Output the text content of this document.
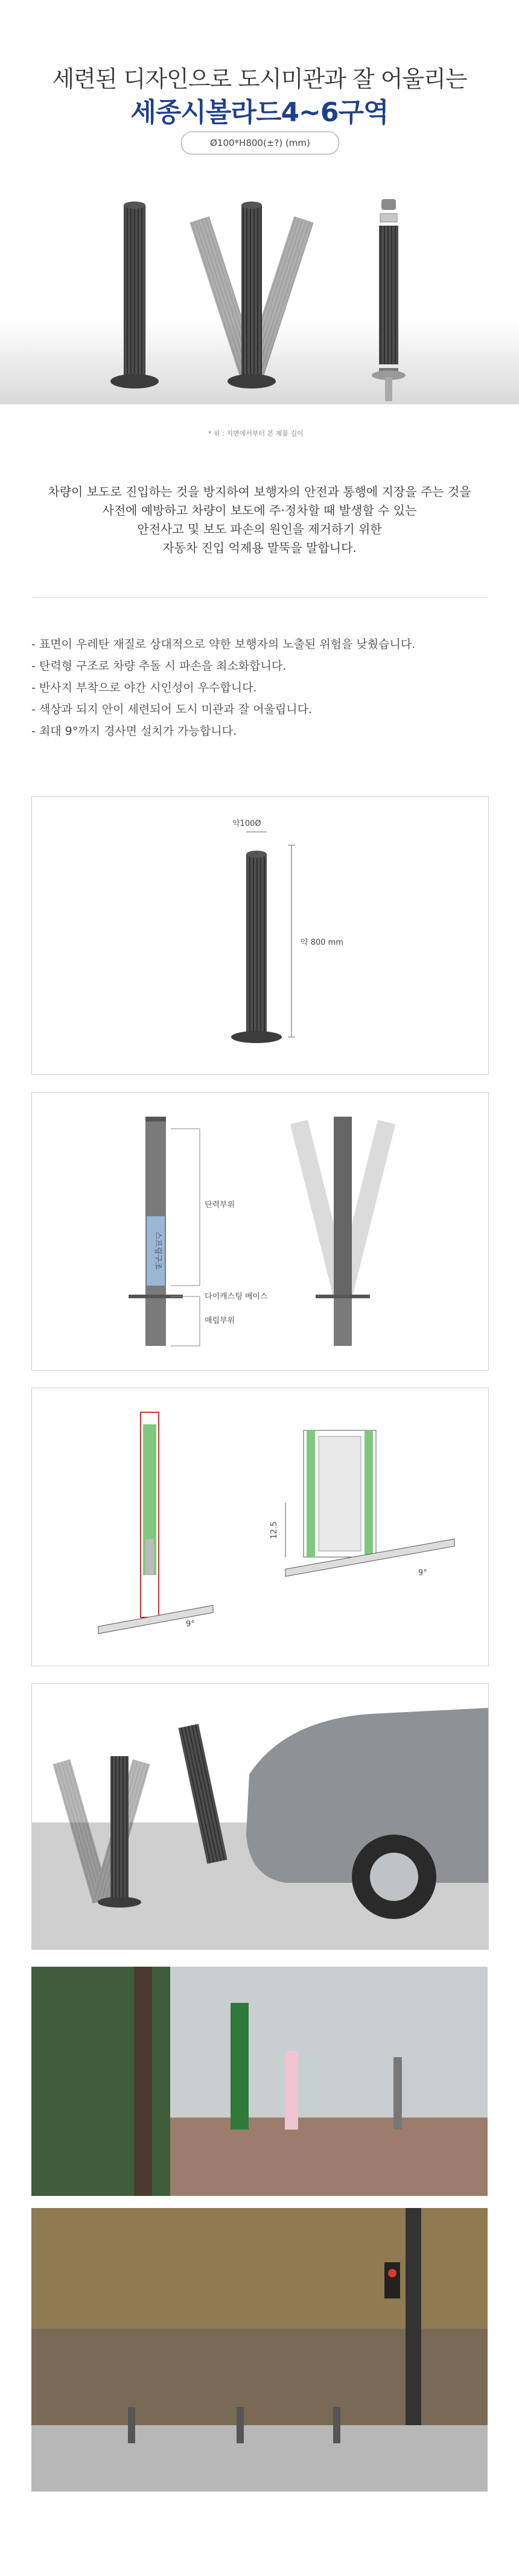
세련된 디자인으로 도시미관과 잘 어울리는
세종시볼라드4~6구역
Ø100*H800(±?) (mm)
* 위 : 지면에서부터 본 제품 길이
차량이 보도로 진입하는 것을 방지하여 보행자의 안전과 통행에 지장을 주는 것을
사전에 예방하고 차량이 보도에 주·정차할 때 발생할 수 있는
안전사고 및 보도 파손의 원인을 제거하기 위한
자동차 진입 억제용 말뚝을 말합니다.
- 표면이 우레탄 재질로 상대적으로 약한 보행자의 노출된 위험을 낮췄습니다.
- 탄력형 구조로 차량 추돌 시 파손을 최소화합니다.
- 반사지 부착으로 야간 시인성이 우수합니다.
- 색상과 되지 안이 세련되어 도시 미관과 잘 어울립니다.
- 최대 9°까지 경사면 설치가 가능합니다.
약100Ø
약 800 mm
스프링구조
탄력부위
다이캐스팅 베이스
매립부위
9°
12.5
9°
